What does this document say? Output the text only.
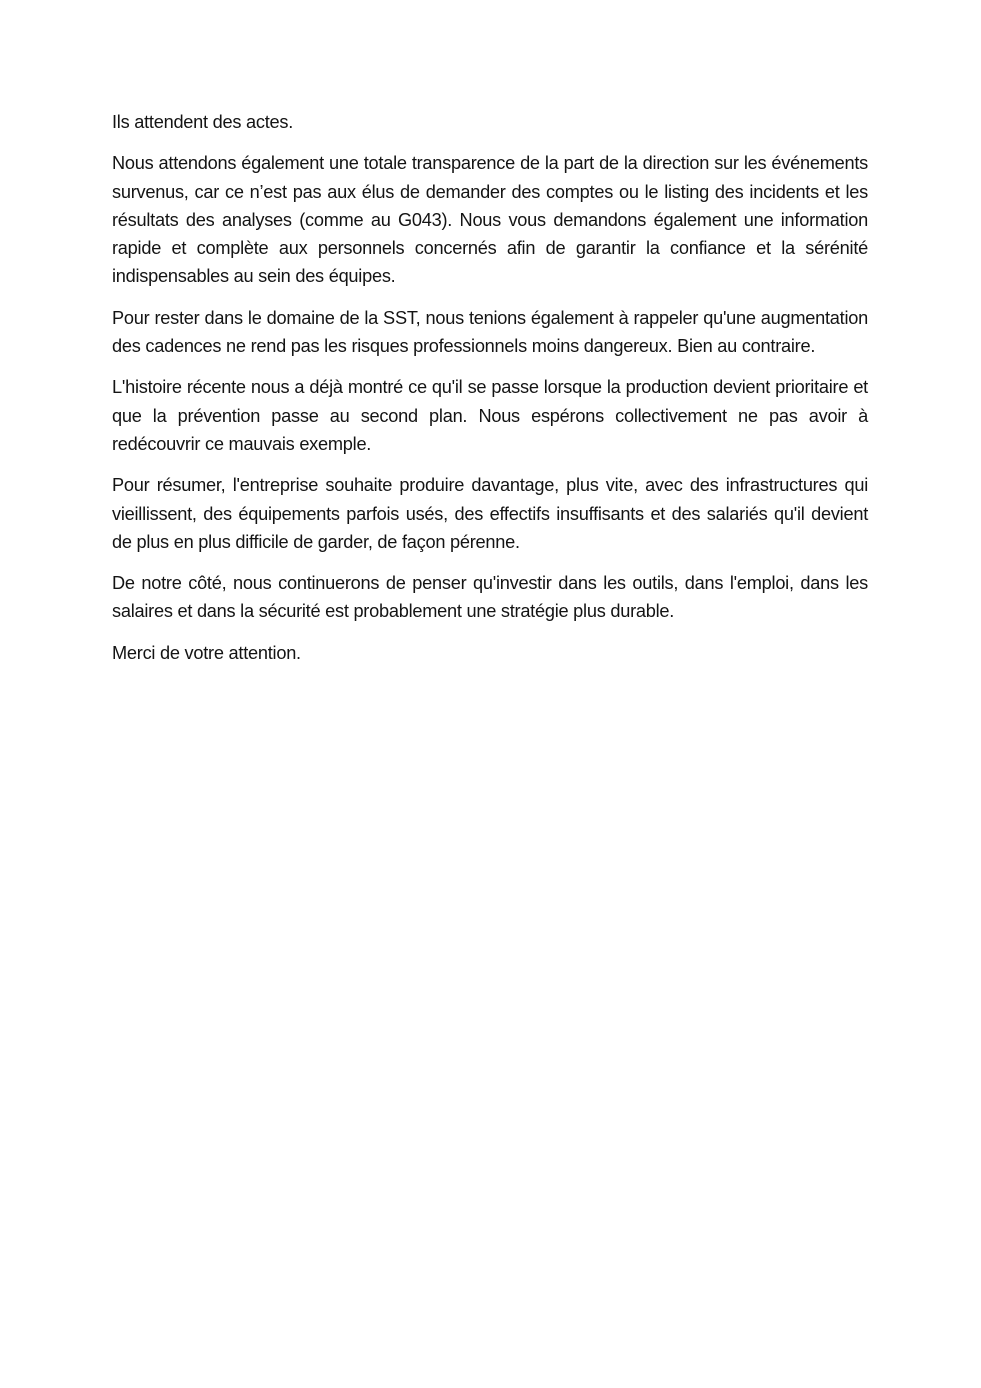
Ils attendent des actes.

Nous attendons également une totale transparence de la part de la direction sur les événements survenus, car ce n’est pas aux élus de demander des comptes ou le listing des incidents et les résultats des analyses (comme au G043). Nous vous demandons également une information rapide et complète aux personnels concernés afin de garantir la confiance et la sérénité indispensables au sein des équipes.

Pour rester dans le domaine de la SST, nous tenions également à rappeler qu'une augmentation des cadences ne rend pas les risques professionnels moins dangereux. Bien au contraire.

L'histoire récente nous a déjà montré ce qu'il se passe lorsque la production devient prioritaire et que la prévention passe au second plan. Nous espérons collectivement ne pas avoir à redécouvrir ce mauvais exemple.

Pour résumer, l'entreprise souhaite produire davantage, plus vite, avec des infrastructures qui vieillissent, des équipements parfois usés, des effectifs insuffisants et des salariés qu'il devient de plus en plus difficile de garder, de façon pérenne.

De notre côté, nous continuerons de penser qu'investir dans les outils, dans l'emploi, dans les salaires et dans la sécurité est probablement une stratégie plus durable.

Merci de votre attention.
